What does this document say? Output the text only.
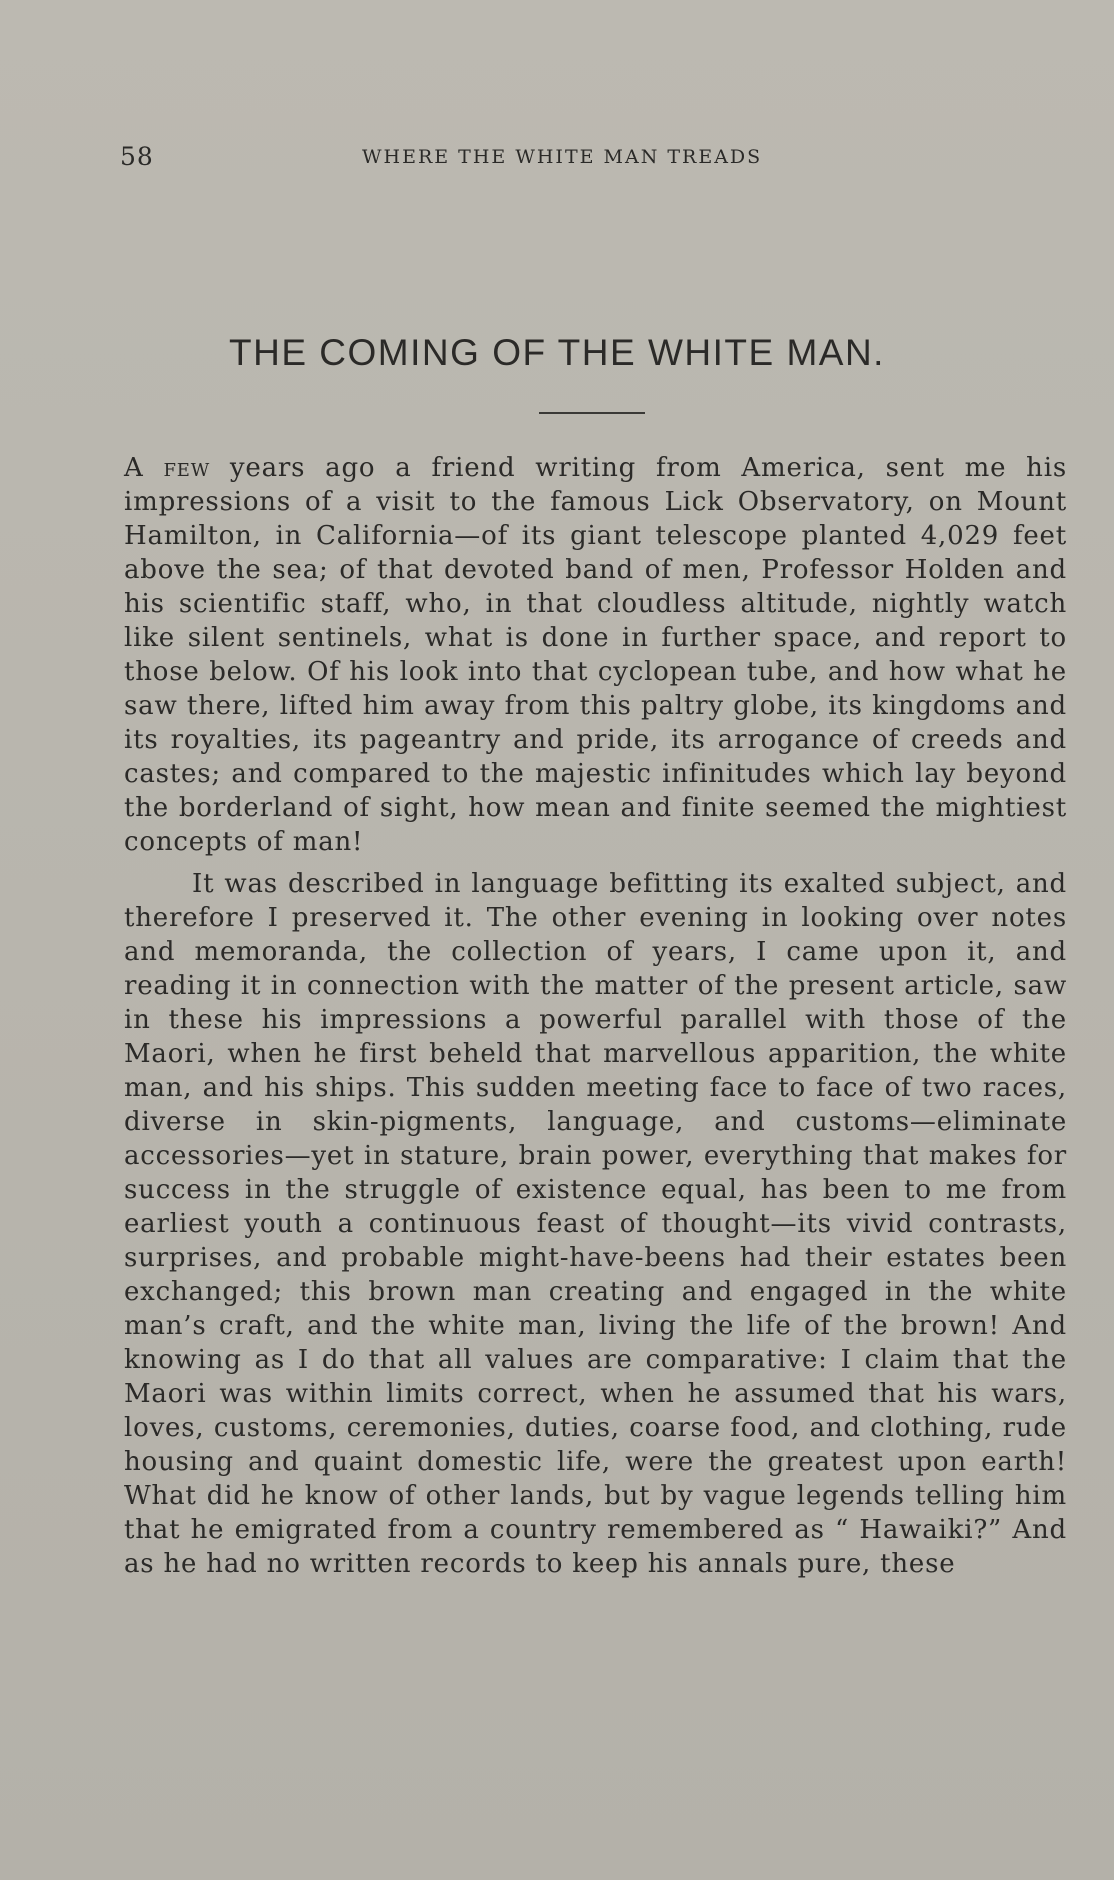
58	WHERE THE WHITE MAN TREADS
THE COMING OF THE WHITE MAN.

A few years ago a friend writing from America, sent me his impressions of a visit to the famous Lick Observatory, on Mount Hamilton, in California—of its giant telescope planted 4,029 feet above the sea; of that devoted band of men, Professor Holden and his scientific staff, who, in that cloudless altitude, nightly watch like silent sentinels, what is done in further space, and report to those below. Of his look into that cyclopean tube, and how what he saw there, lifted him away from this paltry globe, its kingdoms and its royalties, its pageantry and pride, its arrogance of creeds and castes; and compared to the majestic infinitudes which lay beyond the borderland of sight, how mean and finite seemed the mightiest concepts of man!

It was described in language befitting its exalted subject, and therefore I preserved it. The other evening in looking over notes and memoranda, the collection of years, I came upon it, and reading it in connection with the matter of the present article, saw in these his impressions a powerful parallel with those of the Maori, when he first beheld that marvellous apparition, the white man, and his ships. This sudden meeting face to face of two races, diverse in skin-pigments, language, and customs—eliminate accessories—yet in stature, brain power, everything that makes for success in the struggle of existence equal, has been to me from earliest youth a continuous feast of thought—its vivid contrasts, surprises, and probable might-have-beens had their estates been exchanged; this brown man creating and engaged in the white man’s craft, and the white man, living the life of the brown! And knowing as I do that all values are comparative: I claim that the Maori was within limits correct, when he assumed that his wars, loves, customs, ceremonies, duties, coarse food, and clothing, rude housing and quaint domestic life, were the greatest upon earth! What did he know of other lands, but by vague legends telling him that he emigrated from a country remembered as “ Hawaiki?” And as he had no written records to keep his annals pure, these
